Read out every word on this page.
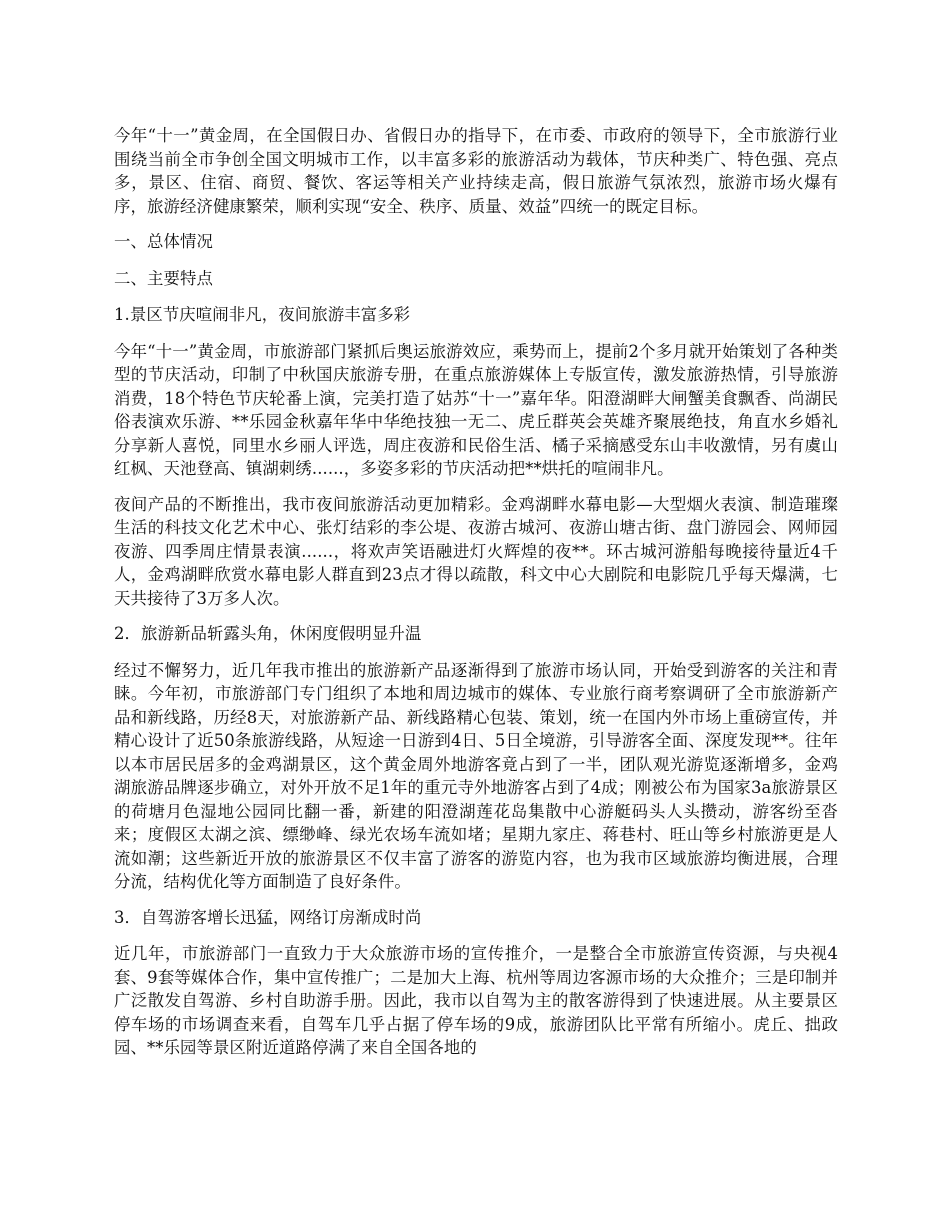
今年“十一”黄金周，在全国假日办、省假日办的指导下，在市委、市政府的领导下，全市旅游行业围绕当前全市争创全国文明城市工作，以丰富多彩的旅游活动为载体，节庆种类广、特色强、亮点多，景区、住宿、商贸、餐饮、客运等相关产业持续走高，假日旅游气氛浓烈，旅游市场火爆有序，旅游经济健康繁荣，顺利实现“安全、秩序、质量、效益”四统一的既定目标。

一、总体情况

二、主要特点

1.景区节庆喧闹非凡，夜间旅游丰富多彩

今年“十一”黄金周，市旅游部门紧抓后奥运旅游效应，乘势而上，提前2个多月就开始策划了各种类型的节庆活动，印制了中秋国庆旅游专册，在重点旅游媒体上专版宣传，激发旅游热情，引导旅游消费，18个特色节庆轮番上演，完美打造了姑苏“十一”嘉年华。阳澄湖畔大闸蟹美食飘香、尚湖民俗表演欢乐游、**乐园金秋嘉年华中华绝技独一无二、虎丘群英会英雄齐聚展绝技，角直水乡婚礼分享新人喜悦，同里水乡丽人评选，周庄夜游和民俗生活、橘子采摘感受东山丰收激情，另有虞山红枫、天池登高、镇湖刺绣......，多姿多彩的节庆活动把**烘托的喧闹非凡。

夜间产品的不断推出，我市夜间旅游活动更加精彩。金鸡湖畔水幕电影—大型烟火表演、制造璀璨生活的科技文化艺术中心、张灯结彩的李公堤、夜游古城河、夜游山塘古街、盘门游园会、网师园夜游、四季周庄情景表演......，将欢声笑语融进灯火辉煌的夜**。环古城河游船每晚接待量近4千人，金鸡湖畔欣赏水幕电影人群直到23点才得以疏散，科文中心大剧院和电影院几乎每天爆满，七天共接待了3万多人次。

2．旅游新品斩露头角，休闲度假明显升温

经过不懈努力，近几年我市推出的旅游新产品逐渐得到了旅游市场认同，开始受到游客的关注和青睐。今年初，市旅游部门专门组织了本地和周边城市的媒体、专业旅行商考察调研了全市旅游新产品和新线路，历经8天，对旅游新产品、新线路精心包装、策划，统一在国内外市场上重磅宣传，并精心设计了近50条旅游线路，从短途一日游到4日、5日全境游，引导游客全面、深度发现**。往年以本市居民居多的金鸡湖景区，这个黄金周外地游客竟占到了一半，团队观光游览逐渐增多，金鸡湖旅游品牌逐步确立，对外开放不足1年的重元寺外地游客占到了4成；刚被公布为国家3a旅游景区的荷塘月色湿地公园同比翻一番，新建的阳澄湖莲花岛集散中心游艇码头人头攒动，游客纷至沓来；度假区太湖之滨、缥缈峰、绿光农场车流如堵；星期九家庄、蒋巷村、旺山等乡村旅游更是人流如潮；这些新近开放的旅游景区不仅丰富了游客的游览内容，也为我市区域旅游均衡进展，合理分流，结构优化等方面制造了良好条件。

3．自驾游客增长迅猛，网络订房渐成时尚

近几年，市旅游部门一直致力于大众旅游市场的宣传推介，一是整合全市旅游宣传资源，与央视4套、9套等媒体合作，集中宣传推广；二是加大上海、杭州等周边客源市场的大众推介；三是印制并广泛散发自驾游、乡村自助游手册。因此，我市以自驾为主的散客游得到了快速进展。从主要景区停车场的市场调查来看，自驾车几乎占据了停车场的9成，旅游团队比平常有所缩小。虎丘、拙政园、**乐园等景区附近道路停满了来自全国各地的
